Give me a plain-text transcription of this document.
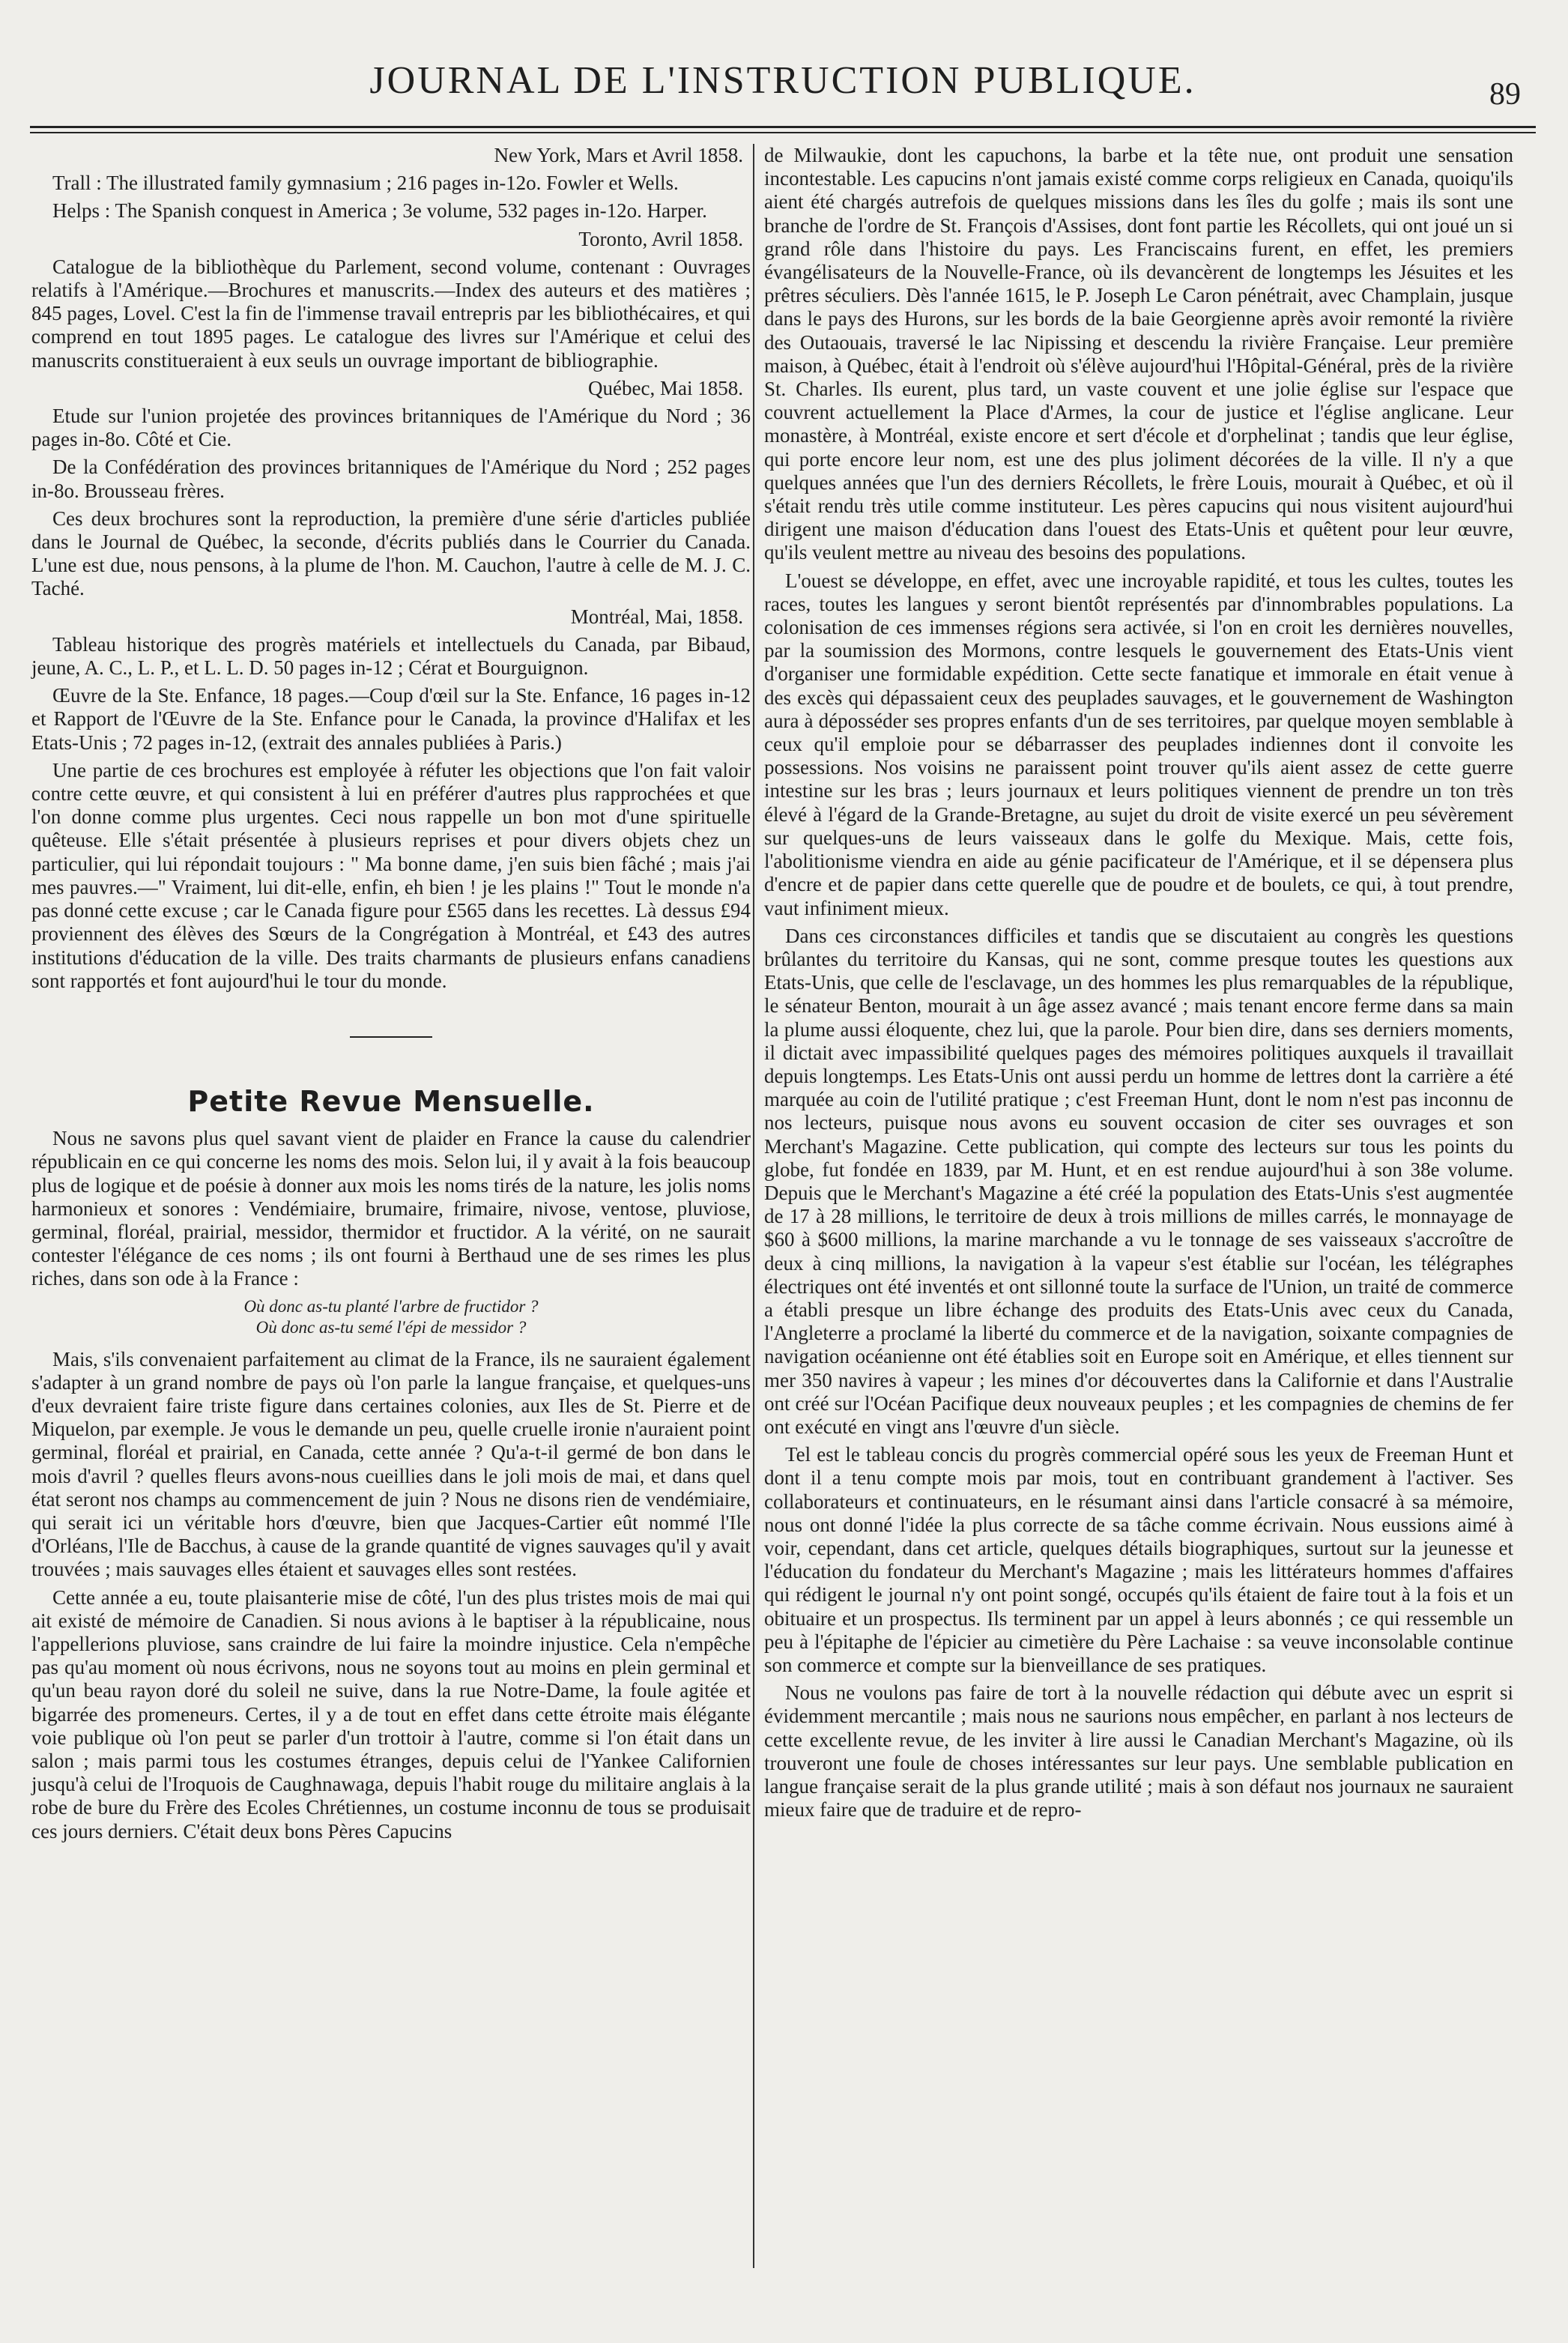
JOURNAL DE L'INSTRUCTION PUBLIQUE.	89

New York, Mars et Avril 1858.

Trall : The illustrated family gymnasium ; 216 pages in-12o. Fowler et Wells.

Helps : The Spanish conquest in America ; 3e volume, 532 pages in-12o. Harper.

Toronto, Avril 1858.

Catalogue de la bibliothèque du Parlement, second volume, contenant : Ouvrages relatifs à l'Amérique.—Brochures et manuscrits.—Index des auteurs et des matières ; 845 pages, Lovel. C'est la fin de l'immense travail entrepris par les bibliothécaires, et qui comprend en tout 1895 pages. Le catalogue des livres sur l'Amérique et celui des manuscrits constitueraient à eux seuls un ouvrage important de bibliographie.

Québec, Mai 1858.

Etude sur l'union projetée des provinces britanniques de l'Amérique du Nord ; 36 pages in-8o. Côté et Cie.

De la Confédération des provinces britanniques de l'Amérique du Nord ; 252 pages in-8o. Brousseau frères.

Ces deux brochures sont la reproduction, la première d'une série d'articles publiée dans le Journal de Québec, la seconde, d'écrits publiés dans le Courrier du Canada. L'une est due, nous pensons, à la plume de l'hon. M. Cauchon, l'autre à celle de M. J. C. Taché.

Montréal, Mai, 1858.

Tableau historique des progrès matériels et intellectuels du Canada, par Bibaud, jeune, A. C., L. P., et L. L. D. 50 pages in-12 ; Cérat et Bourguignon.

Œuvre de la Ste. Enfance, 18 pages.—Coup d'œil sur la Ste. Enfance, 16 pages in-12 et Rapport de l'Œuvre de la Ste. Enfance pour le Canada, la province d'Halifax et les Etats-Unis ; 72 pages in-12, (extrait des annales publiées à Paris.)

Une partie de ces brochures est employée à réfuter les objections que l'on fait valoir contre cette œuvre, et qui consistent à lui en préférer d'autres plus rapprochées et que l'on donne comme plus urgentes. Ceci nous rappelle un bon mot d'une spirituelle quêteuse. Elle s'était présentée à plusieurs reprises et pour divers objets chez un particulier, qui lui répondait toujours : " Ma bonne dame, j'en suis bien fâché ; mais j'ai mes pauvres.—" Vraiment, lui dit-elle, enfin, eh bien ! je les plains !" Tout le monde n'a pas donné cette excuse ; car le Canada figure pour £565 dans les recettes. Là dessus £94 proviennent des élèves des Sœurs de la Congrégation à Montréal, et £43 des autres institutions d'éducation de la ville. Des traits charmants de plusieurs enfans canadiens sont rapportés et font aujourd'hui le tour du monde.

Petite Revue Mensuelle.

Nous ne savons plus quel savant vient de plaider en France la cause du calendrier républicain en ce qui concerne les noms des mois. Selon lui, il y avait à la fois beaucoup plus de logique et de poésie à donner aux mois les noms tirés de la nature, les jolis noms harmonieux et sonores : Vendémiaire, brumaire, frimaire, nivose, ventose, pluviose, germinal, floréal, prairial, messidor, thermidor et fructidor. A la vérité, on ne saurait contester l'élégance de ces noms ; ils ont fourni à Berthaud une de ses rimes les plus riches, dans son ode à la France :

Où donc as-tu planté l'arbre de fructidor ?
Où donc as-tu semé l'épi de messidor ?

Mais, s'ils convenaient parfaitement au climat de la France, ils ne sauraient également s'adapter à un grand nombre de pays où l'on parle la langue française, et quelques-uns d'eux devraient faire triste figure dans certaines colonies, aux Iles de St. Pierre et de Miquelon, par exemple. Je vous le demande un peu, quelle cruelle ironie n'auraient point germinal, floréal et prairial, en Canada, cette année ? Qu'a-t-il germé de bon dans le mois d'avril ? quelles fleurs avons-nous cueillies dans le joli mois de mai, et dans quel état seront nos champs au commencement de juin ? Nous ne disons rien de vendémiaire, qui serait ici un véritable hors d'œuvre, bien que Jacques-Cartier eût nommé l'Ile d'Orléans, l'Ile de Bacchus, à cause de la grande quantité de vignes sauvages qu'il y avait trouvées ; mais sauvages elles étaient et sauvages elles sont restées.

Cette année a eu, toute plaisanterie mise de côté, l'un des plus tristes mois de mai qui ait existé de mémoire de Canadien. Si nous avions à le baptiser à la républicaine, nous l'appellerions pluviose, sans craindre de lui faire la moindre injustice. Cela n'empêche pas qu'au moment où nous écrivons, nous ne soyons tout au moins en plein germinal et qu'un beau rayon doré du soleil ne suive, dans la rue Notre-Dame, la foule agitée et bigarrée des promeneurs. Certes, il y a de tout en effet dans cette étroite mais élégante voie publique où l'on peut se parler d'un trottoir à l'autre, comme si l'on était dans un salon ; mais parmi tous les costumes étranges, depuis celui de l'Yankee Californien jusqu'à celui de l'Iroquois de Caughnawaga, depuis l'habit rouge du militaire anglais à la robe de bure du Frère des Ecoles Chrétiennes, un costume inconnu de tous se produisait ces jours derniers. C'était deux bons Pères Capucins

de Milwaukie, dont les capuchons, la barbe et la tête nue, ont produit une sensation incontestable. Les capucins n'ont jamais existé comme corps religieux en Canada, quoiqu'ils aient été chargés autrefois de quelques missions dans les îles du golfe ; mais ils sont une branche de l'ordre de St. François d'Assises, dont font partie les Récollets, qui ont joué un si grand rôle dans l'histoire du pays. Les Franciscains furent, en effet, les premiers évangélisateurs de la Nouvelle-France, où ils devancèrent de longtemps les Jésuites et les prêtres séculiers. Dès l'année 1615, le P. Joseph Le Caron pénétrait, avec Champlain, jusque dans le pays des Hurons, sur les bords de la baie Georgienne après avoir remonté la rivière des Outaouais, traversé le lac Nipissing et descendu la rivière Française. Leur première maison, à Québec, était à l'endroit où s'élève aujourd'hui l'Hôpital-Général, près de la rivière St. Charles. Ils eurent, plus tard, un vaste couvent et une jolie église sur l'espace que couvrent actuellement la Place d'Armes, la cour de justice et l'église anglicane. Leur monastère, à Montréal, existe encore et sert d'école et d'orphelinat ; tandis que leur église, qui porte encore leur nom, est une des plus joliment décorées de la ville. Il n'y a que quelques années que l'un des derniers Récollets, le frère Louis, mourait à Québec, et où il s'était rendu très utile comme instituteur. Les pères capucins qui nous visitent aujourd'hui dirigent une maison d'éducation dans l'ouest des Etats-Unis et quêtent pour leur œuvre, qu'ils veulent mettre au niveau des besoins des populations.

L'ouest se développe, en effet, avec une incroyable rapidité, et tous les cultes, toutes les races, toutes les langues y seront bientôt représentés par d'innombrables populations. La colonisation de ces immenses régions sera activée, si l'on en croit les dernières nouvelles, par la soumission des Mormons, contre lesquels le gouvernement des Etats-Unis vient d'organiser une formidable expédition. Cette secte fanatique et immorale en était venue à des excès qui dépassaient ceux des peuplades sauvages, et le gouvernement de Washington aura à déposséder ses propres enfants d'un de ses territoires, par quelque moyen semblable à ceux qu'il emploie pour se débarrasser des peuplades indiennes dont il convoite les possessions. Nos voisins ne paraissent point trouver qu'ils aient assez de cette guerre intestine sur les bras ; leurs journaux et leurs politiques viennent de prendre un ton très élevé à l'égard de la Grande-Bretagne, au sujet du droit de visite exercé un peu sévèrement sur quelques-uns de leurs vaisseaux dans le golfe du Mexique. Mais, cette fois, l'abolitionisme viendra en aide au génie pacificateur de l'Amérique, et il se dépensera plus d'encre et de papier dans cette querelle que de poudre et de boulets, ce qui, à tout prendre, vaut infiniment mieux.

Dans ces circonstances difficiles et tandis que se discutaient au congrès les questions brûlantes du territoire du Kansas, qui ne sont, comme presque toutes les questions aux Etats-Unis, que celle de l'esclavage, un des hommes les plus remarquables de la république, le sénateur Benton, mourait à un âge assez avancé ; mais tenant encore ferme dans sa main la plume aussi éloquente, chez lui, que la parole. Pour bien dire, dans ses derniers moments, il dictait avec impassibilité quelques pages des mémoires politiques auxquels il travaillait depuis longtemps. Les Etats-Unis ont aussi perdu un homme de lettres dont la carrière a été marquée au coin de l'utilité pratique ; c'est Freeman Hunt, dont le nom n'est pas inconnu de nos lecteurs, puisque nous avons eu souvent occasion de citer ses ouvrages et son Merchant's Magazine. Cette publication, qui compte des lecteurs sur tous les points du globe, fut fondée en 1839, par M. Hunt, et en est rendue aujourd'hui à son 38e volume. Depuis que le Merchant's Magazine a été créé la population des Etats-Unis s'est augmentée de 17 à 28 millions, le territoire de deux à trois millions de milles carrés, le monnayage de $60 à $600 millions, la marine marchande a vu le tonnage de ses vaisseaux s'accroître de deux à cinq millions, la navigation à la vapeur s'est établie sur l'océan, les télégraphes électriques ont été inventés et ont sillonné toute la surface de l'Union, un traité de commerce a établi presque un libre échange des produits des Etats-Unis avec ceux du Canada, l'Angleterre a proclamé la liberté du commerce et de la navigation, soixante compagnies de navigation océanienne ont été établies soit en Europe soit en Amérique, et elles tiennent sur mer 350 navires à vapeur ; les mines d'or découvertes dans la Californie et dans l'Australie ont créé sur l'Océan Pacifique deux nouveaux peuples ; et les compagnies de chemins de fer ont exécuté en vingt ans l'œuvre d'un siècle.

Tel est le tableau concis du progrès commercial opéré sous les yeux de Freeman Hunt et dont il a tenu compte mois par mois, tout en contribuant grandement à l'activer. Ses collaborateurs et continuateurs, en le résumant ainsi dans l'article consacré à sa mémoire, nous ont donné l'idée la plus correcte de sa tâche comme écrivain. Nous eussions aimé à voir, cependant, dans cet article, quelques détails biographiques, surtout sur la jeunesse et l'éducation du fondateur du Merchant's Magazine ; mais les littérateurs hommes d'affaires qui rédigent le journal n'y ont point songé, occupés qu'ils étaient de faire tout à la fois et un obituaire et un prospectus. Ils terminent par un appel à leurs abonnés ; ce qui ressemble un peu à l'épitaphe de l'épicier au cimetière du Père Lachaise : sa veuve inconsolable continue son commerce et compte sur la bienveillance de ses pratiques.

Nous ne voulons pas faire de tort à la nouvelle rédaction qui débute avec un esprit si évidemment mercantile ; mais nous ne saurions nous empêcher, en parlant à nos lecteurs de cette excellente revue, de les inviter à lire aussi le Canadian Merchant's Magazine, où ils trouveront une foule de choses intéressantes sur leur pays. Une semblable publication en langue française serait de la plus grande utilité ; mais à son défaut nos journaux ne sauraient mieux faire que de traduire et de repro-
